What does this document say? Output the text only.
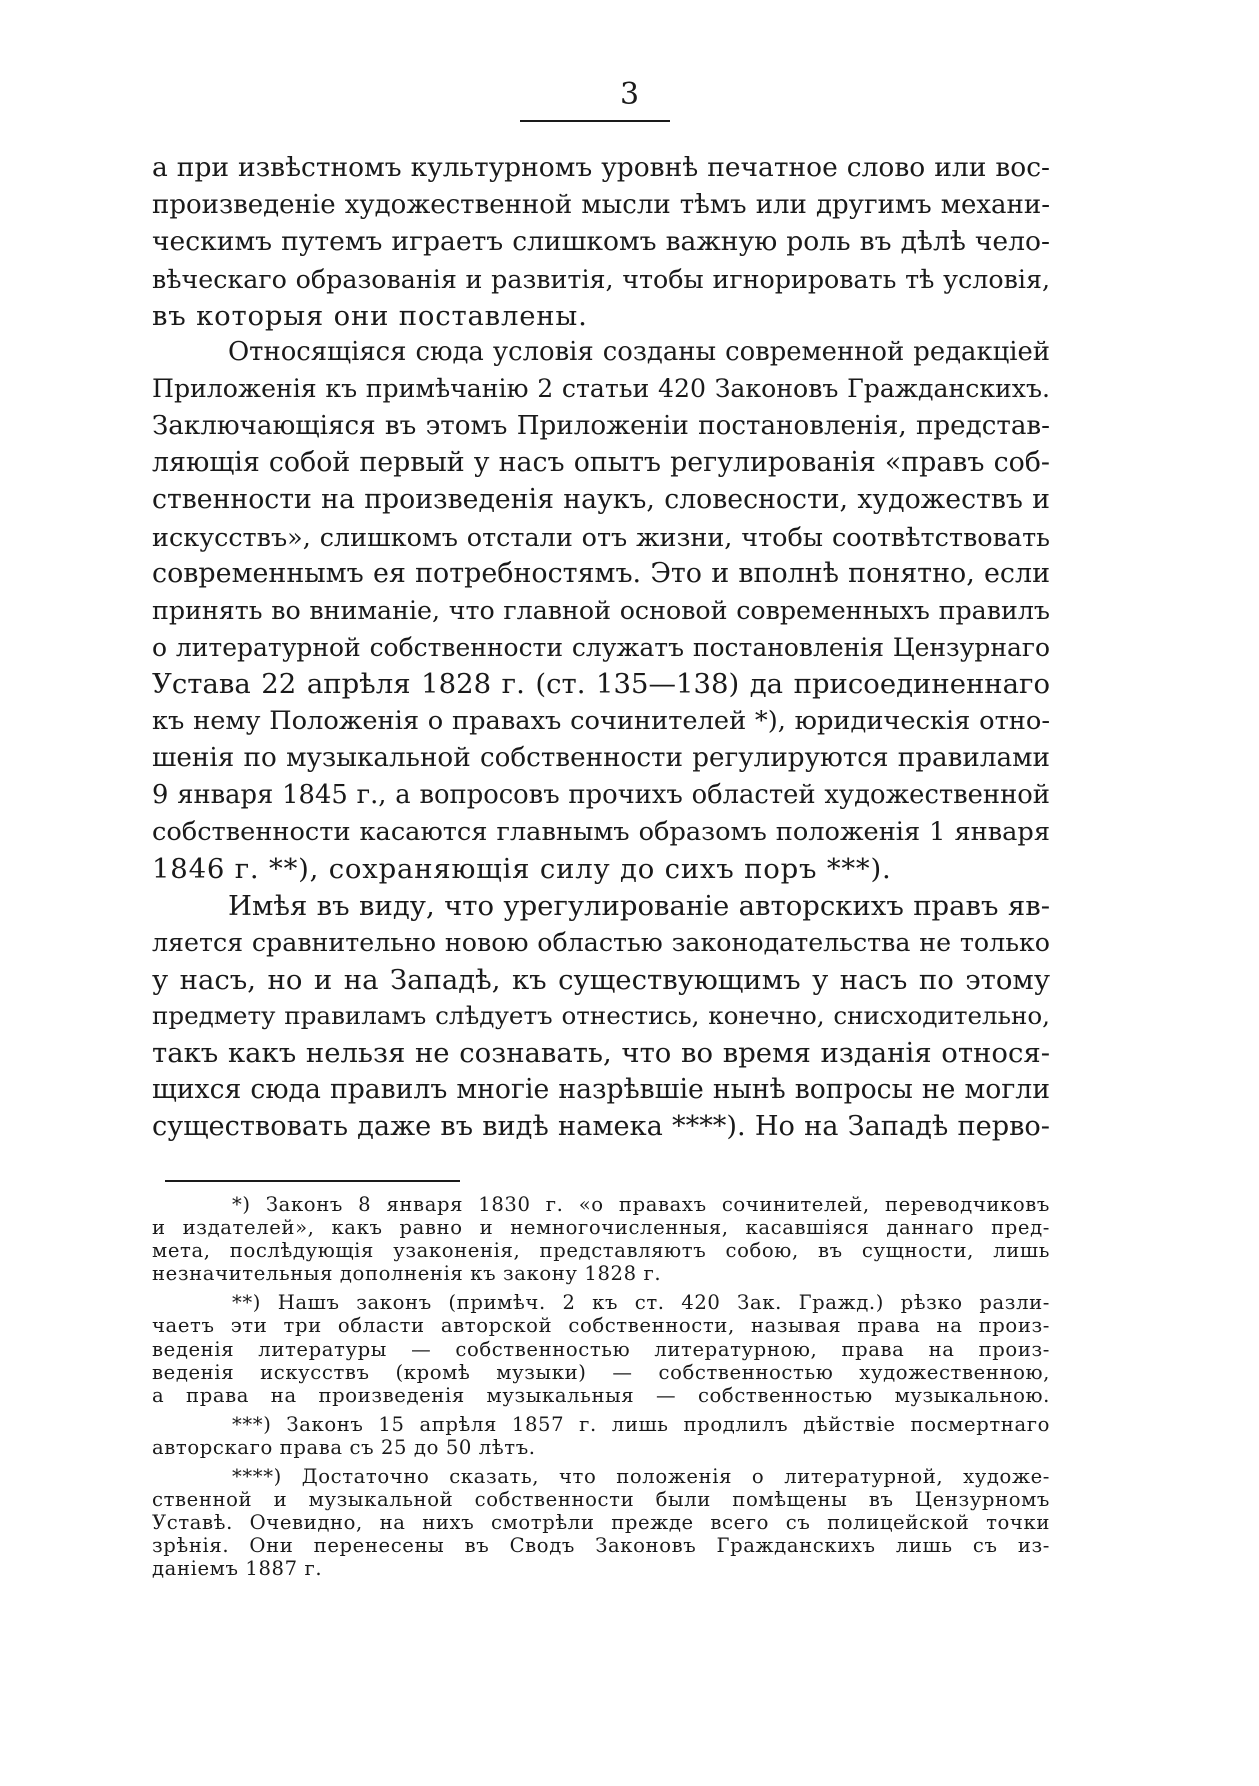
3

а при извѣстномъ культурномъ уровнѣ печатное слово или вос-
произведеніе художественной мысли тѣмъ или другимъ механи-
ческимъ путемъ играетъ слишкомъ важную роль въ дѣлѣ чело-
вѣческаго образованія и развитія, чтобы игнорировать тѣ условія,
въ которыя они поставлены.

Относящіяся сюда условія созданы современной редакціей
Приложенія къ примѣчанію 2 статьи 420 Законовъ Гражданскихъ.
Заключающіяся въ этомъ Приложеніи постановленія, представ-
ляющія собой первый у насъ опытъ регулированія «правъ соб-
ственности на произведенія наукъ, словесности, художествъ и
искусствъ», слишкомъ отстали отъ жизни, чтобы соотвѣтствовать
современнымъ ея потребностямъ. Это и вполнѣ понятно, если
принять во вниманіе, что главной основой современныхъ правилъ
о литературной собственности служатъ постановленія Цензурнаго
Устава 22 апрѣля 1828 г. (ст. 135—138) да присоединеннаго
къ нему Положенія о правахъ сочинителей *), юридическія отно-
шенія по музыкальной собственности регулируются правилами
9 января 1845 г., а вопросовъ прочихъ областей художественной
собственности касаются главнымъ образомъ положенія 1 января
1846 г. **), сохраняющія силу до сихъ поръ ***).

Имѣя въ виду, что урегулированіе авторскихъ правъ яв-
ляется сравнительно новою областью законодательства не только
у насъ, но и на Западѣ, къ существующимъ у насъ по этому
предмету правиламъ слѣдуетъ отнестись, конечно, снисходительно,
такъ какъ нельзя не сознавать, что во время изданія относя-
щихся сюда правилъ многіе назрѣвшіе нынѣ вопросы не могли
существовать даже въ видѣ намека ****). Но на Западѣ перво-

*) Законъ 8 января 1830 г. «о правахъ сочинителей, переводчиковъ
и издателей», какъ равно и немногочисленныя, касавшіяся даннаго пред-
мета, послѣдующія узаконенія, представляютъ собою, въ сущности, лишь
незначительныя дополненія къ закону 1828 г.
**) Нашъ законъ (примѣч. 2 къ ст. 420 Зак. Гражд.) рѣзко разли-
чаетъ эти три области авторской собственности, называя права на произ-
веденія литературы — собственностью литературною, права на произ-
веденія искусствъ (кромѣ музыки) — собственностью художественною,
а права на произведенія музыкальныя — собственностью музыкальною.
***) Законъ 15 апрѣля 1857 г. лишь продлилъ дѣйствіе посмертнаго
авторскаго права съ 25 до 50 лѣтъ.
****) Достаточно сказать, что положенія о литературной, художе-
ственной и музыкальной собственности были помѣщены въ Цензурномъ
Уставѣ. Очевидно, на нихъ смотрѣли прежде всего съ полицейской точки
зрѣнія. Они перенесены въ Сводъ Законовъ Гражданскихъ лишь съ из-
даніемъ 1887 г.
